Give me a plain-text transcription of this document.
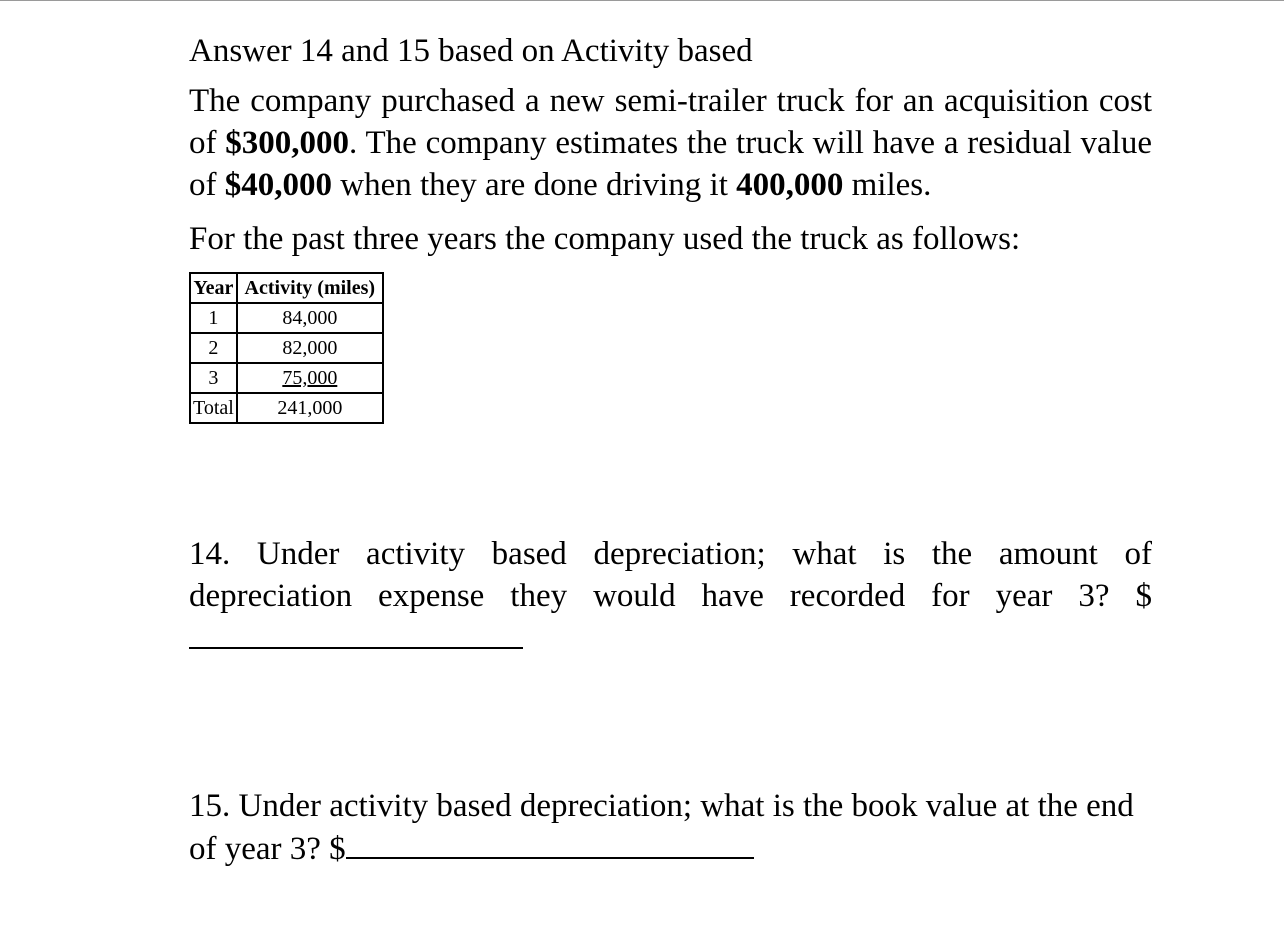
Answer 14 and 15 based on Activity based

The company purchased a new semi-trailer truck for an acquisition cost of $300,000. The company estimates the truck will have a residual value of $40,000 when they are done driving it 400,000 miles.

For the past three years the company used the truck as follows:

Year	Activity (miles)
1	84,000
2	82,000
3	75,000
Total	241,000

14. Under activity based depreciation; what is the amount of depreciation expense they would have recorded for year 3? $

15. Under activity based depreciation; what is the book value at the end of year 3? $
